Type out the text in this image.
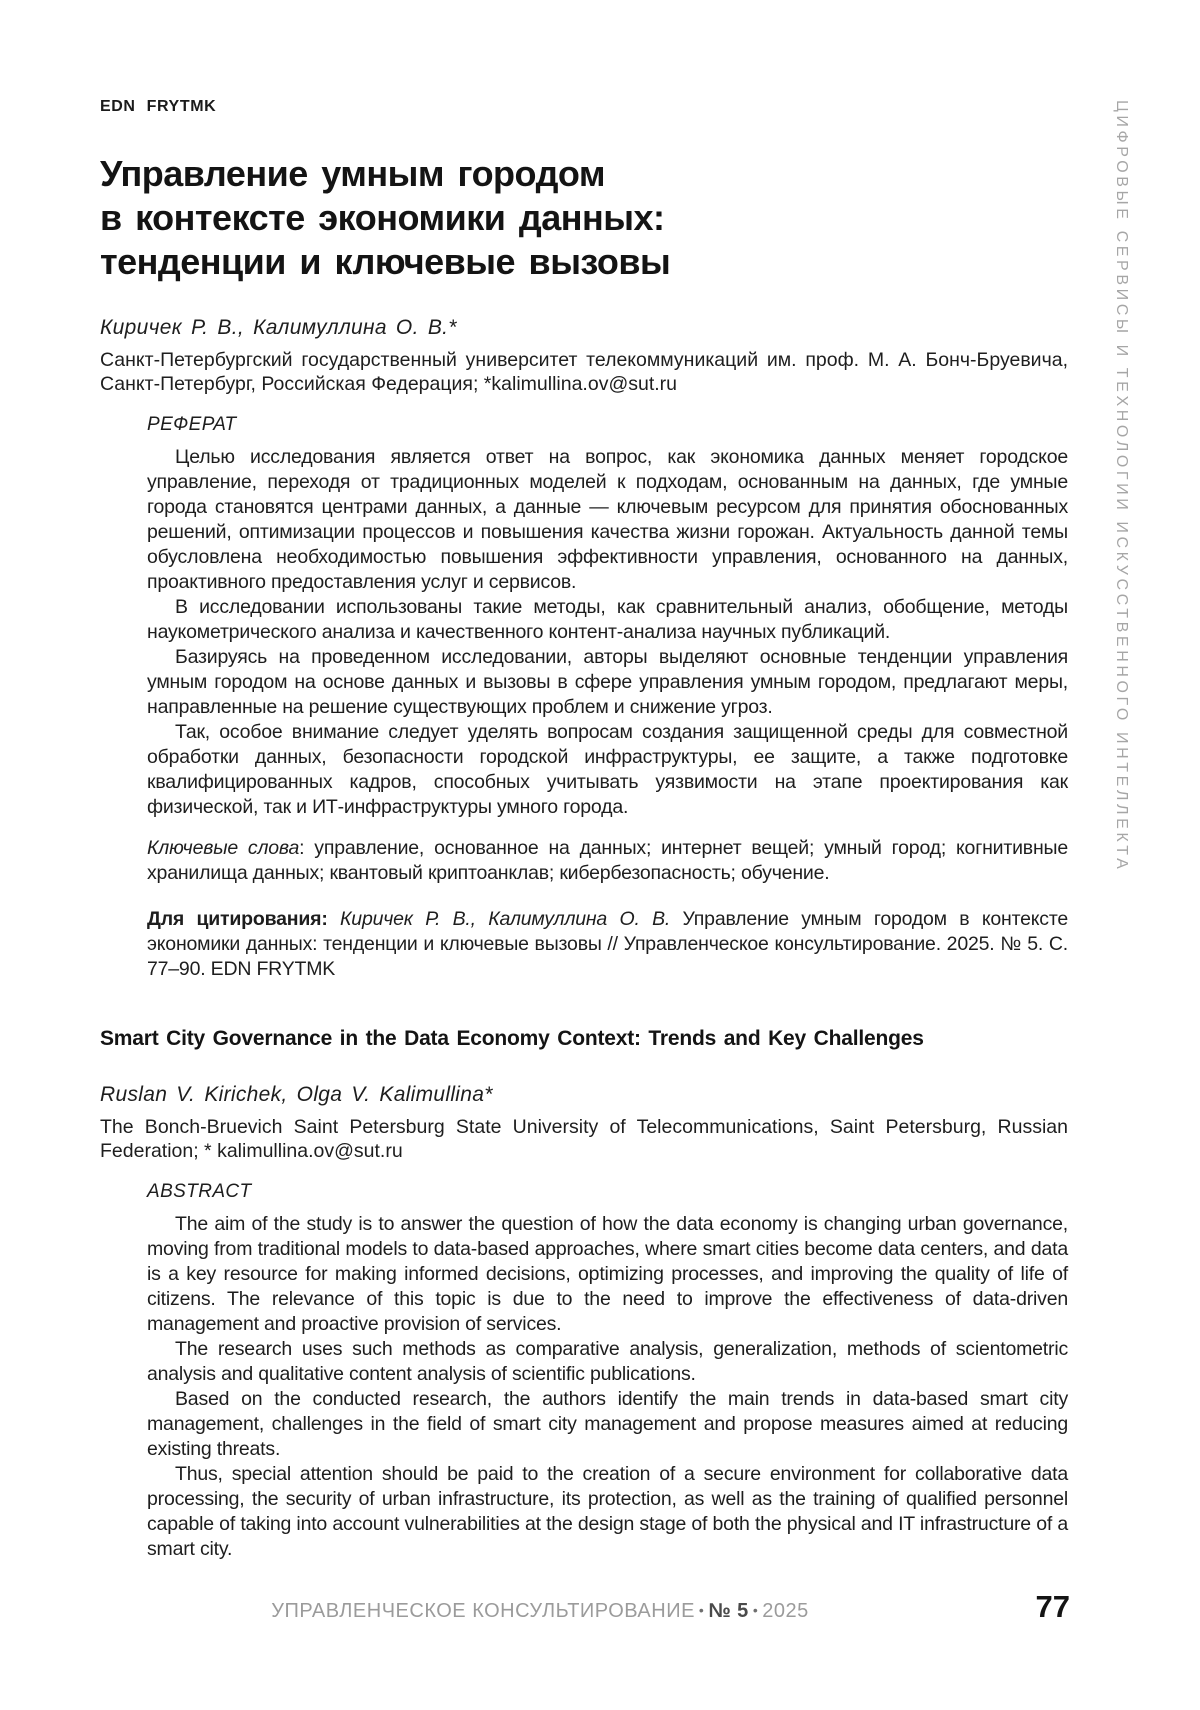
ЦИФРОВЫЕ СЕРВИСЫ И ТЕХНОЛОГИИ ИСКУССТВЕННОГО ИНТЕЛЛЕКТА
EDN FRYTMK
Управление умным городом
в контексте экономики данных:
тенденции и ключевые вызовы

Киричек Р. В., Калимуллина О. В.*

Санкт-Петербургский государственный университет телекоммуникаций им. проф. М. А. Бонч-Бруевича, Санкт-Петербург, Российская Федерация; *kalimullina.ov@sut.ru

РЕФЕРАТ

Целью исследования является ответ на вопрос, как экономика данных меняет городское управление, переходя от традиционных моделей к подходам, основанным на данных, где умные города становятся центрами данных, а данные — ключевым ресурсом для принятия обоснованных решений, оптимизации процессов и повышения качества жизни горожан. Актуальность данной темы обусловлена необходимостью повышения эффективности управления, основанного на данных, проактивного предоставления услуг и сервисов.

В исследовании использованы такие методы, как сравнительный анализ, обобщение, методы наукометрического анализа и качественного контент-анализа научных публикаций.

Базируясь на проведенном исследовании, авторы выделяют основные тенденции управления умным городом на основе данных и вызовы в сфере управления умным городом, предлагают меры, направленные на решение существующих проблем и снижение угроз.

Так, особое внимание следует уделять вопросам создания защищенной среды для совместной обработки данных, безопасности городской инфраструктуры, ее защите, а также подготовке квалифицированных кадров, способных учитывать уязвимости на этапе проектирования как физической, так и ИТ-инфраструктуры умного города.

Ключевые слова: управление, основанное на данных; интернет вещей; умный город; когнитивные хранилища данных; квантовый криптоанклав; кибербезопасность; обучение.

Для цитирования: Киричек Р. В., Калимуллина О. В. Управление умным городом в контексте экономики данных: тенденции и ключевые вызовы // Управленческое консультирование. 2025. № 5. С. 77–90. EDN FRYTMK

Smart City Governance in the Data Economy Context: Trends and Key Challenges

Ruslan V. Kirichek, Olga V. Kalimullina*

The Bonch-Bruevich Saint Petersburg State University of Telecommunications, Saint Petersburg, Russian Federation; * kalimullina.ov@sut.ru

ABSTRACT

The aim of the study is to answer the question of how the data economy is changing urban governance, moving from traditional models to data-based approaches, where smart cities become data centers, and data is a key resource for making informed decisions, optimizing processes, and improving the quality of life of citizens. The relevance of this topic is due to the need to improve the effectiveness of data-driven management and proactive provision of services.

The research uses such methods as comparative analysis, generalization, methods of scientometric analysis and qualitative content analysis of scientific publications.

Based on the conducted research, the authors identify the main trends in data-based smart city management, challenges in the field of smart city management and propose measures aimed at reducing existing threats.

Thus, special attention should be paid to the creation of a secure environment for collaborative data processing, the security of urban infrastructure, its protection, as well as the training of qualified personnel capable of taking into account vulnerabilities at the design stage of both the physical and IT infrastructure of a smart city.

УПРАВЛЕНЧЕСКОЕ КОНСУЛЬТИРОВАНИЕ • № 5 • 2025	77
